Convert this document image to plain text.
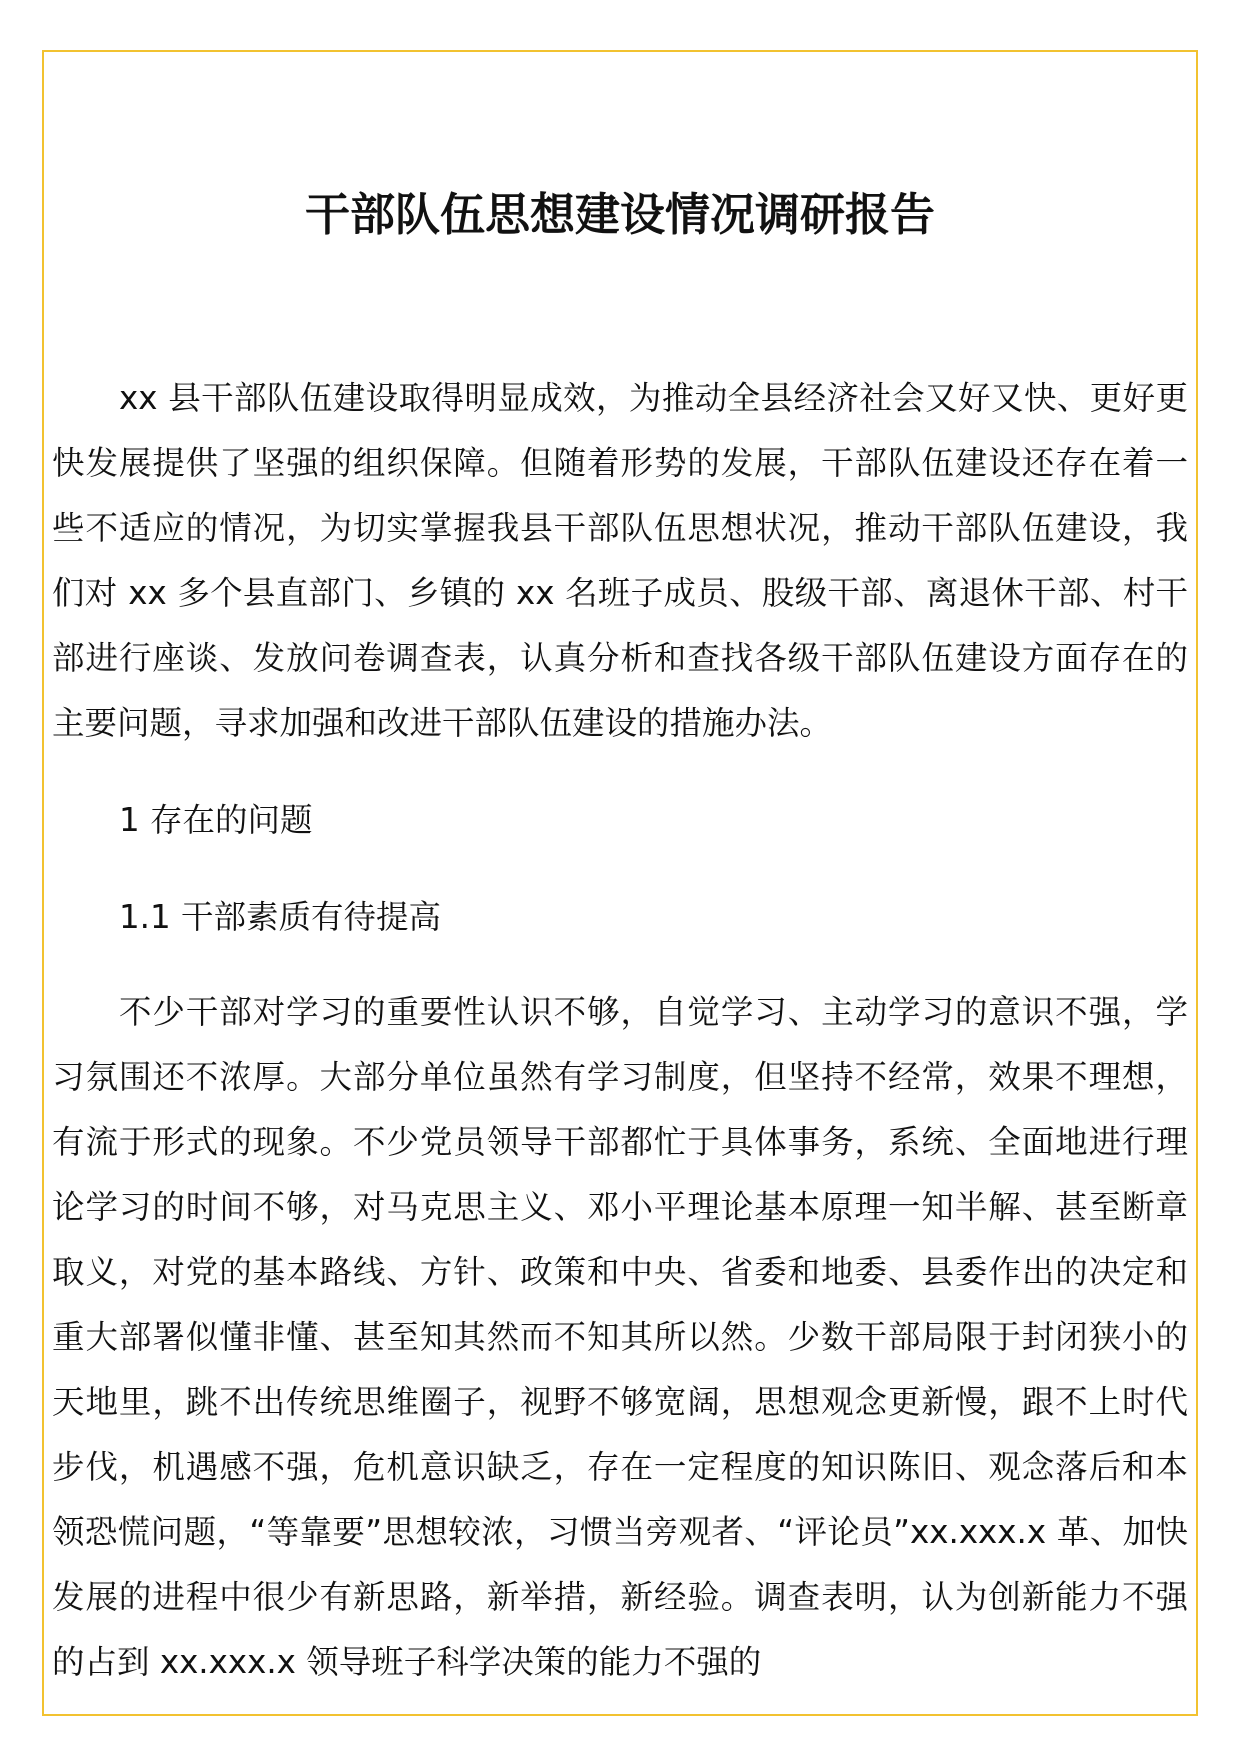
干部队伍思想建设情况调研报告

xx 县干部队伍建设取得明显成效，为推动全县经济社会又好又快、更好更快发展提供了坚强的组织保障。但随着形势的发展，干部队伍建设还存在着一些不适应的情况，为切实掌握我县干部队伍思想状况，推动干部队伍建设，我们对 xx 多个县直部门、乡镇的 xx 名班子成员、股级干部、离退休干部、村干部进行座谈、发放问卷调查表，认真分析和查找各级干部队伍建设方面存在的主要问题，寻求加强和改进干部队伍建设的措施办法。

1 存在的问题

1.1 干部素质有待提高

不少干部对学习的重要性认识不够，自觉学习、主动学习的意识不强，学习氛围还不浓厚。大部分单位虽然有学习制度，但坚持不经常，效果不理想，有流于形式的现象。不少党员领导干部都忙于具体事务，系统、全面地进行理论学习的时间不够，对马克思主义、邓小平理论基本原理一知半解、甚至断章取义，对党的基本路线、方针、政策和中央、省委和地委、县委作出的决定和重大部署似懂非懂、甚至知其然而不知其所以然。少数干部局限于封闭狭小的天地里，跳不出传统思维圈子，视野不够宽阔，思想观念更新慢，跟不上时代步伐，机遇感不强，危机意识缺乏，存在一定程度的知识陈旧、观念落后和本领恐慌问题，“等靠要”思想较浓，习惯当旁观者、“评论员”xx.xxx.x 革、加快发展的进程中很少有新思路，新举措，新经验。调查表明，认为创新能力不强的占到 xx.xxx.x 领导班子科学决策的能力不强的
